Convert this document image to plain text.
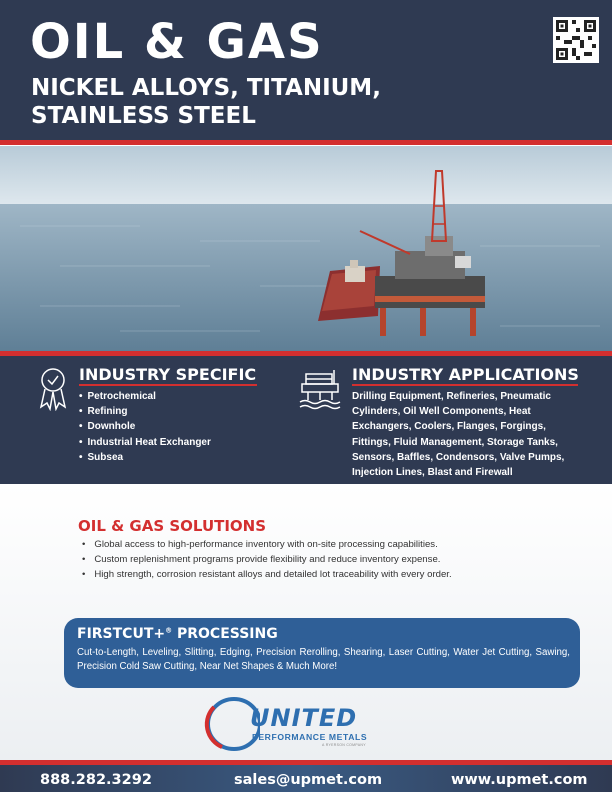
OIL & GAS
NICKEL ALLOYS, TITANIUM, STAINLESS STEEL
INDUSTRY SPECIFIC
• Petrochemical
• Refining
• Downhole
• Industrial Heat Exchanger
• Subsea
INDUSTRY APPLICATIONS
Drilling Equipment, Refineries, Pneumatic Cylinders, Oil Well Components, Heat Exchangers, Coolers, Flanges, Forgings, Fittings, Fluid Management, Storage Tanks, Sensors, Baffles, Condensors, Valve Pumps, Injection Lines, Blast and Firewall
OIL & GAS SOLUTIONS
• Global access to high-performance inventory with on-site processing capabilities.
• Custom replenishment programs provide flexibility and reduce inventory expense.
• High strength, corrosion resistant alloys and detailed lot traceability with every order.
FIRSTCUT+® PROCESSING
Cut-to-Length, Leveling, Slitting, Edging, Precision Rerolling, Shearing, Laser Cutting, Water Jet Cutting, Sawing, Precision Cold Saw Cutting, Near Net Shapes & Much More!
UNITED
PERFORMANCE METALS
A RYERSON COMPANY
888.282.3292	sales@upmet.com	www.upmet.com
